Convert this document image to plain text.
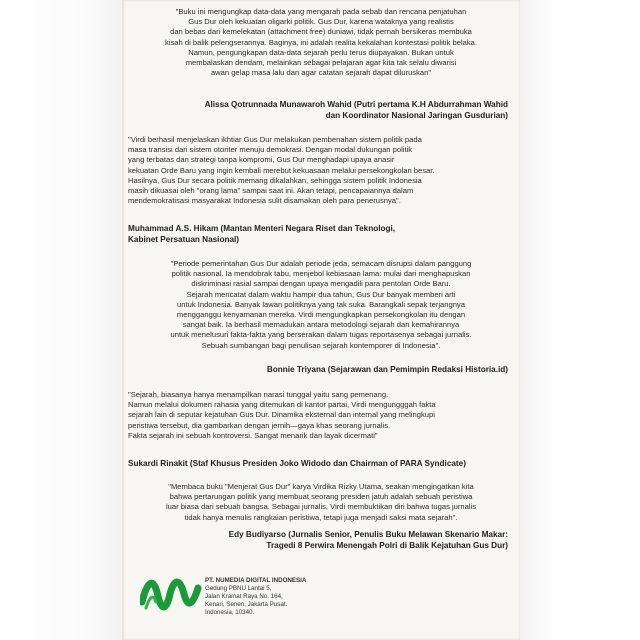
"Buku ini mengungkap data-data yang mengarah pada sebab dan rencana penjatuhan
Gus Dur oleh kekuatan oligarki politik. Gus Dur, karena wataknya yang realistis
dan bebas dari kemelekatan (attachment free) duniawi, tidak pernah bersikeras membuka
kisah di balik pelengserannya. Baginya, ini adalah realita kekalahan kontestasi politik belaka.
Namun, pengungkapan data-data sejarah perlu terus diupayakan. Bukan untuk
membalaskan dendam, melainkan sebagai pelajaran agar kita tak selalu diwarisi
awan gelap masa lalu dan agar catatan sejarah dapat diluruskan"
Alissa Qotrunnada Munawaroh Wahid (Putri pertama K.H Abdurrahman Wahid
dan Koordinator Nasional Jaringan Gusdurian)
"Virdi berhasil menjelaskan ikhtiar Gus Dur melakukan pembenahan sistem politik pada
masa transisi dari sistem otoriter menuju demokrasi. Dengan modal dukungan politik
yang terbatas dan strategi tanpa kompromi, Gus Dur menghadapi upaya anasir
kekuatan Orde Baru yang ingin kembali merebut kekuasaan melalui persekongkolan besar.
Hasilnya, Gus Dur secara politik memang dikalahkan, sehingga sistem politik Indonesia
masih dikuasai oleh "orang lama" sampai saat ini. Akan tetapi, pencapaiannya dalam
mendemokratisasi masyarakat Indonesia sulit disamakan oleh para penerusnya".
Muhammad A.S. Hikam (Mantan Menteri Negara Riset dan Teknologi,
Kabinet Persatuan Nasional)
"Periode pemerintahan Gus Dur adalah periode jeda, semacam disrupsi dalam panggung
politik nasional. Ia mendobrak tabu, menjebol kebiasaan lama: mulai dari menghapuskan
diskriminasi rasial sampai dengan upaya mengadili para pentolan Orde Baru.
Sejarah mencatat dalam waktu hampir dua tahun, Gus Dur banyak memberi arti
untuk Indonesia. Banyak lawan politiknya yang tak suka. Barangkali sepak terjangnya
mengganggu kenyamanan mereka. Virdi mengungkapkan persekongkolan itu dengan
sangat baik. Ia berhasil memadukan antara metodologi sejarah dan kemahirannya
untuk menelusuri fakta-fakta yang berserakan dalam tugas reportasenya sebagai jurnalis.
Sebuah sumbangan bagi penulisan sejarah kontemporer di Indonesia".
Bonnie Triyana (Sejarawan dan Pemimpin Redaksi Historia.id)
"Sejarah, biasanya hanya menampilkan narasi tunggal yaitu sang pemenang.
Namun melalui dokumen rahasia yang ditemukan di kantor partai, Virdi mengungggah fakta
sejarah lain di seputar kejatuhan Gus Dur. Dinamika eksternal dan internal yang melingkupi
peristiwa tersebut, dia gambarkan dengan jernih—gaya khas seorang jurnalis.
Fakta sejarah ini sebuah kontroversi. Sangat menarik dan layak dicermati"
Sukardi Rinakit (Staf Khusus Presiden Joko Widodo dan Chairman of PARA Syndicate)
"Membaca buku "Menjerat Gus Dur" karya Virdika Rizky Utama, seakan mengingatkan kita
bahwa pertarungan politik yang membuat seorang presiden jatuh adalah sebuah peristiwa
luar biasa dari sebuah bangsa. Sebagai jurnalis, Virdi membuktikan diri bahwa tugas jurnalis
tidak hanya menulis rangkaian peristiwa, tetapi juga menjadi saksi mata sejarah".
Edy Budiyarso (Jurnalis Senior, Penulis Buku Melawan Skenario Makar:
Tragedi 8 Perwira Menengah Polri di Balik Kejatuhan Gus Dur)
PT. NUMEDIA DIGITAL INDONESIA
Gedung PBNU Lantai 5,
Jalan Kramat Raya No. 164,
Kenari, Senen, Jakarta Pusat.
Indonesia, 10340.
